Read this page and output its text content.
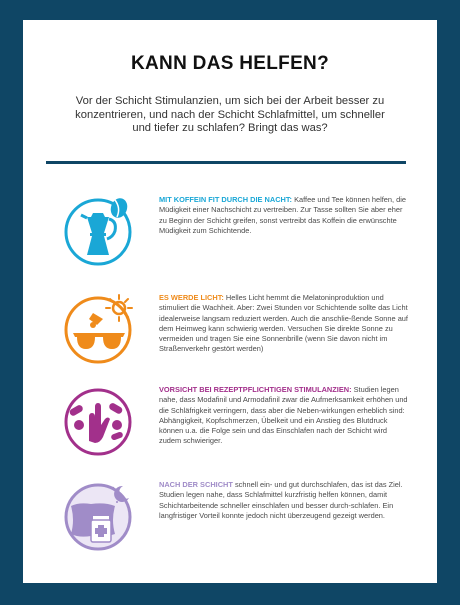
KANN DAS HELFEN?
Vor der Schicht Stimulanzien, um sich bei der Arbeit besser zu konzentrieren, und nach der Schicht Schlafmittel, um schneller und tiefer zu schlafen? Bringt das was?
MIT KOFFEIN FIT DURCH DIE NACHT: Kaffee und Tee können helfen, die Müdigkeit einer Nachschicht zu vertreiben. Zur Tasse sollten Sie aber eher zu Beginn der Schicht greifen, sonst vertreibt das Koffein die erwünschte Müdigkeit zum Schichtende.
ES WERDE LICHT: Helles Licht hemmt die Melatoninproduktion und stimuliert die Wachheit. Aber: Zwei Stunden vor Schichtende sollte das Licht idealerweise langsam reduziert werden. Auch die anschlie-ßende Sonne auf dem Heimweg kann schwierig werden. Versuchen Sie direkte Sonne zu vermeiden und tragen Sie eine Sonnenbrille (wenn Sie davon nicht im Straßenverkehr gestört werden)
VORSICHT BEI REZEPTPFLICHTIGEN STIMULANZIEN: Studien legen nahe, dass Modafinil und Armodafinil zwar die Aufmerksamkeit erhöhen und die Schläfrigkeit verringern, dass aber die Neben-wirkungen erheblich sind: Abhängigkeit, Kopfschmerzen, Übelkeit und ein Anstieg des Blutdruck können u.a. die Folge sein und das Einschlafen nach der Schicht wird zudem schwieriger.
NACH DER SCHICHT schnell ein- und gut durchschlafen, das ist das Ziel. Studien legen nahe, dass Schlafmittel kurzfristig helfen können, damit Schichtarbeitende schneller einschlafen und besser durch-schlafen. Ein langfristiger Vorteil konnte jedoch nicht überzeugend gezeigt werden.
